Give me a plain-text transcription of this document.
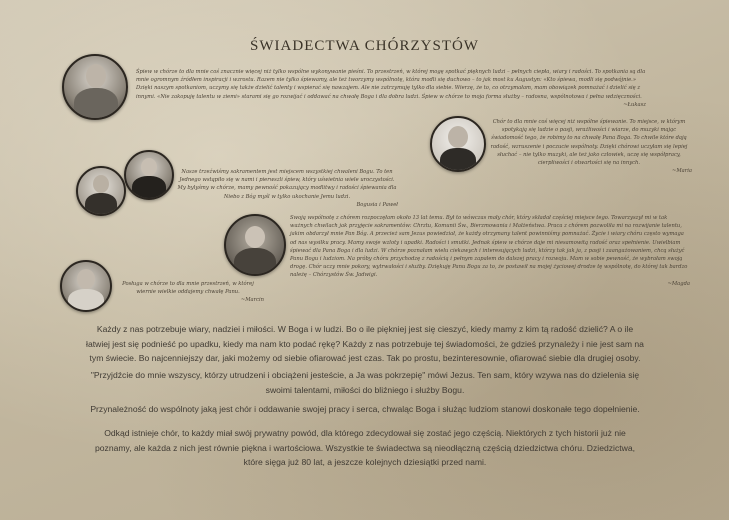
ŚWIADECTWA CHÓRZYSTÓW
Śpiew w chórze to dla mnie coś znacznie więcej niż tylko wspólne wykonywanie pieśni. To przestrzeń, w której mogę spotkać pięknych ludzi – pełnych ciepła, wiary i radości. To spotkania są dla mnie ogromnym źródłem inspiracji i wzrostu. Razem nie tylko śpiewamy, ale też tworzymy wspólnotę, która modli się duchowo – to jak most ku Augustyn: «Kto śpiewa, modli się podwójnie.» Dzięki naszym spotkaniom, uczymy się także dzielić talenty i wspierać się nawzajem. Ale nie zatrzymuję tylko dla siebie. Wierzę, że to, co otrzymałam, mam obowiązek pomnażać i dzielić się z innymi. «Nie zakopuję talentu w ziemi» starami się go rozwijać i oddawać na chwałę Boga i dla dobra ludzi. Śpiew w chórze to moja forma służby – radosna, wspólnotowa i pełna wdzięczności.
~Łukasz
Chór to dla mnie coś więcej niż wspólne śpiewanie. To miejsce, w którym spotykają się ludzie o pasji, wrażliwości i wiarze, do muzyki mając świadomość tego, że robimy to na chwałę Pana Boga. To chwile które dają radość, wzruszenie i poczucie wspólnoty. Dzięki chórowi uczyłam się lepiej słuchać – nie tylko muzyki, ale też jako człowiek, uczę się współpracy, cierpliwości i otwartości się na innych.
~Maria
Nasze trzeźwiśmy sakramentem jest miejscem wszystkiej chwaleni Bogu. To ten Jednego wstąpiło się w nami i pierwszli śpiew, który uświetnia wiele uroczystości. My bylyśmy w chórze, mamy pewność pokazujący modlitwy i radości śpiewania dla Niebo z Bóg myśl w tylko ukochanie Jemu ludzi.
Bogusia i Paweł
Swoją wspólnotę z chórem rozpoczęłam około 13 lat temu. Był to wówczas mały chór, który składał częściej miejsce tego. Towarzyszył mi w tak ważnych chwilach jak przyjęcie sakramentów: Chrztu, Komunii Św., Bierzmowania i Małżeństwa. Praca z chórem pozwoliła mi na rozwijanie talentu, jakim obdarzył mnie Pan Bóg. A przecież sam Jezus powiedział, że każdy otrzymany talent powinniśmy pomnażać. Życie i wiary chóru często wymaga od nas wysiłku pracy. Mamy swoje wzloty i upadki. Radości i smutki. Jednak śpiew w chórze daje mi niesamowitą radość oraz spełnienie. Uwielbiam śpiewać dla Pana Boga i dla ludzi. W chórze poznałam wielu ciekawych i interesujących ludzi, którzy tak jak ja, z pasji i zaangażowaniem, chcą służyć Panu Bogu i ludziom. Na próby chóru przychodzę z radością i pełnym zapałem do dalszej pracy i rozwoju. Mam w sobie pewność, że wybrałam swoją drogę. Chór uczy mnie pokory, wytrwałości i służby. Dziękuję Panu Bogu za to, że postawił na mojej życiowej drodze tę wspólnotę, do której tak bardzo należę – Chórzystów Św. Jadwigi.
~Magda
Posługa w chórze to dla mnie przestrzeń, w której wiernie wielkie oddajemy chwałę Panu.
~Marcin
Każdy z nas potrzebuje wiary, nadziei i miłości. W Boga i w ludzi. Bo o ile piękniej jest się cieszyć, kiedy mamy z kim tą radość dzielić? A o ile łatwiej jest się podnieść po upadku, kiedy ma nam kto podać rękę? Każdy z nas potrzebuje tej świadomości, że gdzieś przynależy i nie jest sam na tym świecie. Bo najcenniejszy dar, jaki możemy od siebie ofiarować jest czas. Tak po prostu, bezinteresownie, ofiarować siebie dla drugiej osoby.
"Przyjdźcie do mnie wszyscy, którzy utrudzeni i obciążeni jesteście, a Ja was pokrzepię" mówi Jezus. Ten sam, który wzywa nas do dzielenia się swoimi talentami, miłości do bliźniego i służby Bogu.
Przynależność do wspólnoty jaką jest chór i oddawanie swojej pracy i serca, chwaląc Boga i służąc ludziom stanowi doskonałe tego dopełnienie.
Odkąd istnieje chór, to każdy miał swój prywatny powód, dla którego zdecydował się zostać jego częścią. Niektórych z tych historii już nie poznamy, ale każda z nich jest równie piękna i wartościowa. Wszystkie te świadectwa są nieodłączną częścią dziedzictwa chóru. Dziedzictwa, które sięga już 80 lat, a jeszcze kolejnych dziesiątki przed nami.
